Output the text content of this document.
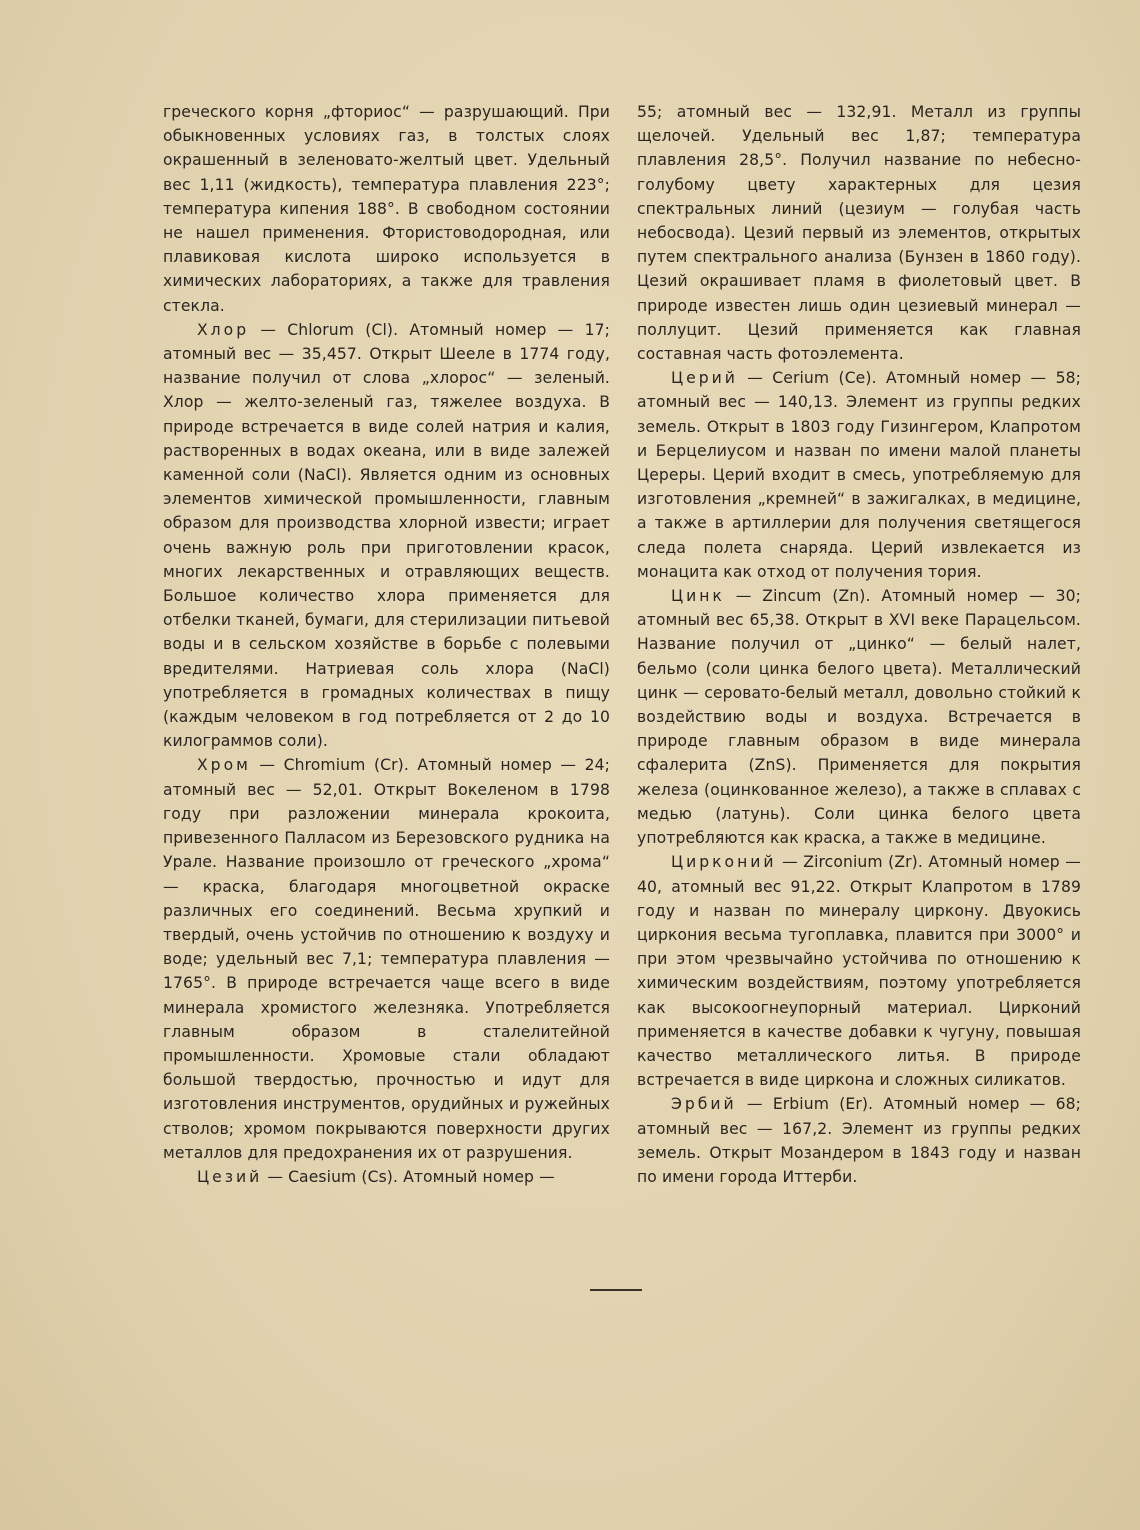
греческого корня „фториос“ — разрушающий. При обыкновенных условиях газ, в толстых слоях окрашенный в зеленовато-желтый цвет. Удельный вес 1,11 (жидкость), температура плавления 223°; температура кипения 188°. В свободном состоянии не нашел применения. Фтористоводородная, или плавиковая кислота широко используется в химических лабораториях, а также для травления стекла.

Хлор — Chlorum (Cl). Атомный номер — 17; атомный вес — 35,457. Открыт Шееле в 1774 году, название получил от слова „хлорос“ — зеленый. Хлор — желто-зеленый газ, тяжелее воздуха. В природе встречается в виде солей натрия и калия, растворенных в водах океана, или в виде залежей каменной соли (NaCl). Является одним из основных элементов химической промышленности, главным образом для производства хлорной извести; играет очень важную роль при приготовлении красок, многих лекарственных и отравляющих веществ. Большое количество хлора применяется для отбелки тканей, бумаги, для стерилизации питьевой воды и в сельском хозяйстве в борьбе с полевыми вредителями. Натриевая соль хлора (NaCl) употребляется в громадных количествах в пищу (каждым человеком в год потребляется от 2 до 10 килограммов соли).

Хром — Chromium (Cr). Атомный номер — 24; атомный вес — 52,01. Открыт Вокеленом в 1798 году при разложении минерала крокоита, привезенного Палласом из Березовского рудника на Урале. Название произошло от греческого „хрома“ — краска, благодаря многоцветной окраске различных его соединений. Весьма хрупкий и твердый, очень устойчив по отношению к воздуху и воде; удельный вес 7,1; температура плавления — 1765°. В природе встречается чаще всего в виде минерала хромистого железняка. Употребляется главным образом в сталелитейной промышленности. Хромовые стали обладают большой твердостью, прочностью и идут для изготовления инструментов, орудийных и ружейных стволов; хромом покрываются поверхности других металлов для предохранения их от разрушения.

Цезий — Caesium (Cs). Атомный номер —

55; атомный вес — 132,91. Металл из группы щелочей. Удельный вес 1,87; температура плавления 28,5°. Получил название по небесно-голубому цвету характерных для цезия спектральных линий (цезиум — голубая часть небосвода). Цезий первый из элементов, открытых путем спектрального анализа (Бунзен в 1860 году). Цезий окрашивает пламя в фиолетовый цвет. В природе известен лишь один цезиевый минерал — поллуцит. Цезий применяется как главная составная часть фотоэлемента.

Церий — Cerium (Ce). Атомный номер — 58; атомный вес — 140,13. Элемент из группы редких земель. Открыт в 1803 году Гизингером, Клапротом и Берцелиусом и назван по имени малой планеты Цереры. Церий входит в смесь, употребляемую для изготовления „кремней“ в зажигалках, в медицине, а также в артиллерии для получения светящегося следа полета снаряда. Церий извлекается из монацита как отход от получения тория.

Цинк — Zincum (Zn). Атомный номер — 30; атомный вес 65,38. Открыт в XVI веке Парацельсом. Название получил от „цинко“ — белый налет, бельмо (соли цинка белого цвета). Металлический цинк — серовато-белый металл, довольно стойкий к воздействию воды и воздуха. Встречается в природе главным образом в виде минерала сфалерита (ZnS). Применяется для покрытия железа (оцинкованное железо), а также в сплавах с медью (латунь). Соли цинка белого цвета употребляются как краска, а также в медицине.

Цирконий — Zirconium (Zr). Атомный номер — 40, атомный вес 91,22. Открыт Клапротом в 1789 году и назван по минералу циркону. Двуокись циркония весьма тугоплавка, плавится при 3000° и при этом чрезвычайно устойчива по отношению к химическим воздействиям, поэтому употребляется как высокоогнеупорный материал. Цирконий применяется в качестве добавки к чугуну, повышая качество металлического литья. В природе встречается в виде циркона и сложных силикатов.

Эрбий — Erbium (Er). Атомный номер — 68; атомный вес — 167,2. Элемент из группы редких земель. Открыт Мозандером в 1843 году и назван по имени города Иттерби.
